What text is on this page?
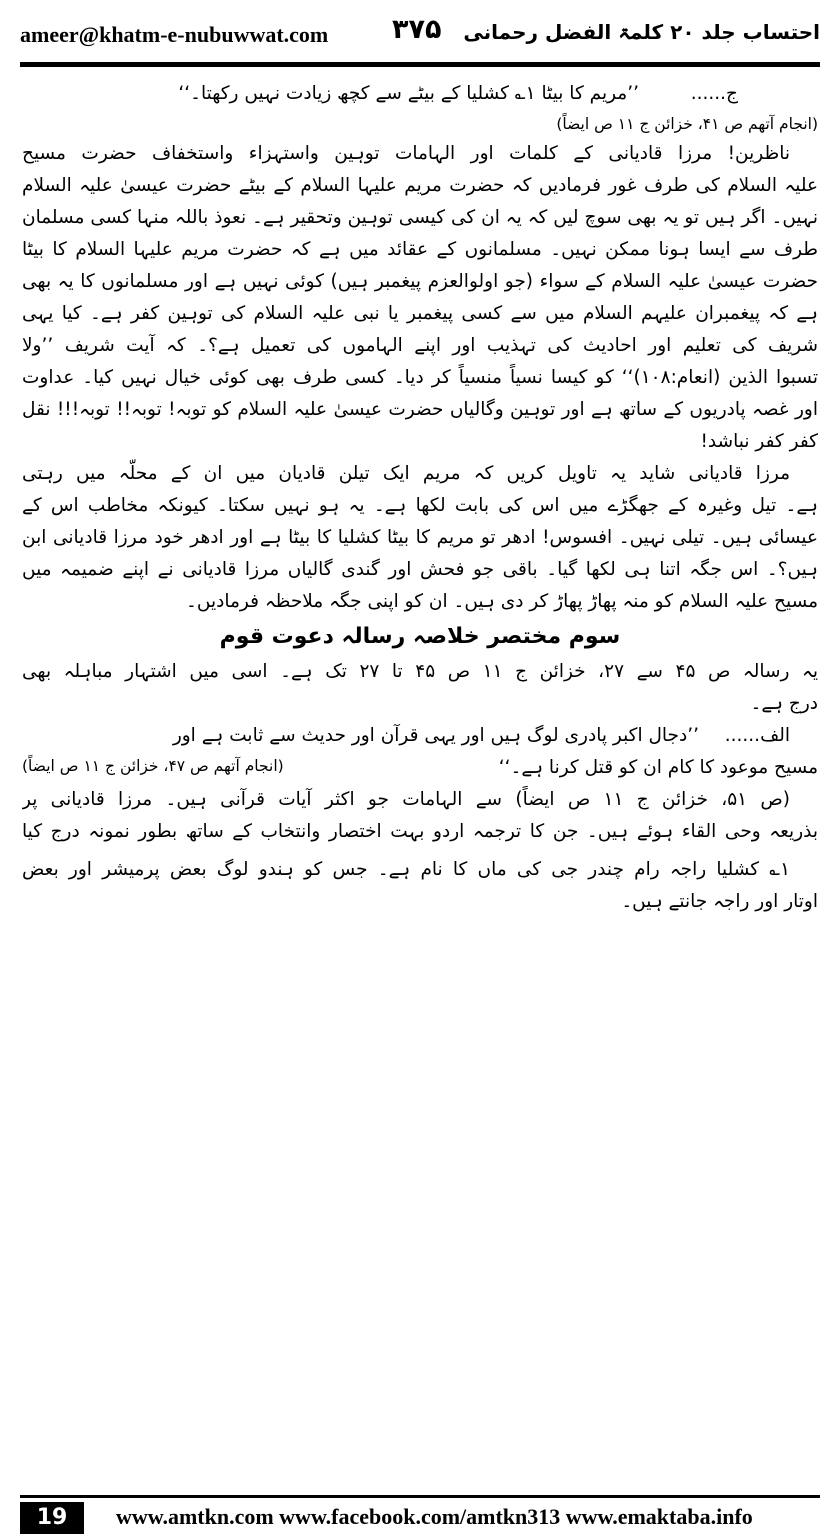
ameer@khatm-e-nubuwwat.com ۳۷۵ احتساب جلد ۲۰ کلمۃ الفضل رحمانی
ج......  ’’مریم کا بیٹا ۱؎ کشلیا کے بیٹے سے کچھ زیادت نہیں رکھتا۔‘‘
(انجام آتھم ص ۴۱، خزائن ج ۱۱ ص ایضاً)
ناظرین! مرزا قادیانی کے کلمات اور الہامات توہین واستہزاء واستخفاف حضرت مسیح
علیہ السلام کی طرف غور فرمادیں کہ حضرت مریم علیہا السلام کے بیٹے حضرت عیسیٰ علیہ السلام
نہیں۔ اگر ہیں تو یہ بھی سوچ لیں کہ یہ ان کی کیسی توہین وتحقیر ہے۔ نعوذ باللہ منہا کسی مسلمان
طرف سے ایسا ہونا ممکن نہیں۔ مسلمانوں کے عقائد میں ہے کہ حضرت مریم علیہا السلام کا بیٹا
حضرت عیسیٰ علیہ السلام کے سواء (جو اولوالعزم پیغمبر ہیں) کوئی نہیں ہے اور مسلمانوں کا یہ بھی
ہے کہ پیغمبران علیہم السلام میں سے کسی پیغمبر یا نبی علیہ السلام کی توہین کفر ہے۔ کیا یہی
شریف کی تعلیم اور احادیث کی تہذیب اور اپنے الہاموں کی تعمیل ہے؟۔ کہ آیت شریف ’’ولا
تسبوا الذین (انعام:۱۰۸)‘‘ کو کیسا نسیاً منسیاً کر دیا۔ کسی طرف بھی کوئی خیال نہیں کیا۔ عداوت
اور غصہ پادریوں کے ساتھ ہے اور توہین وگالیاں حضرت عیسیٰ علیہ السلام کو توبہ! توبہ!! توبہ!!! نقل
کفر کفر نباشد!
مرزا قادیانی شاید یہ تاویل کریں کہ مریم ایک تیلن قادیان میں ان کے محلّہ میں رہتی
ہے۔ تیل وغیرہ کے جھگڑے میں اس کی بابت لکھا ہے۔ یہ ہو نہیں سکتا۔ کیونکہ مخاطب اس کے
عیسائی ہیں۔ تیلی نہیں۔ افسوس! ادھر تو مریم کا بیٹا کشلیا کا بیٹا ہے اور ادھر خود مرزا قادیانی ابن
ہیں؟۔ اس جگہ اتنا ہی لکھا گیا۔ باقی جو فحش اور گندی گالیاں مرزا قادیانی نے اپنے ضمیمہ میں
مسیح علیہ السلام کو منہ پھاڑ پھاڑ کر دی ہیں۔ ان کو اپنی جگہ ملاحظہ فرمادیں۔
سوم مختصر خلاصہ رسالہ دعوت قوم
یہ رسالہ ص ۴۵ سے ۲۷، خزائن ج ۱۱ ص ۴۵ تا ۲۷ تک ہے۔ اسی میں اشتہار مباہلہ بھی
درج ہے۔
الف......  ’’دجال اکبر پادری لوگ ہیں اور یہی قرآن اور حدیث سے ثابت ہے اور
مسیح موعود کا کام ان کو قتل کرنا ہے۔‘‘
(انجام آتھم ص ۴۷، خزائن ج ۱۱ ص ایضاً)
(ص ۵۱، خزائن ج ۱۱ ص ایضاً) سے الہامات جو اکثر آیات قرآنی ہیں۔ مرزا قادیانی پر
بذریعہ وحی القاء ہوئے ہیں۔ جن کا ترجمہ اردو بہت اختصار وانتخاب کے ساتھ بطور نمونہ درج کیا
۱؎ کشلیا راجہ رام چندر جی کی ماں کا نام ہے۔ جس کو ہندو لوگ بعض پرمیشر اور بعض
اوتار اور راجہ جانتے ہیں۔
19	www.amtkn.com www.facebook.com/amtkn313 www.emaktaba.info
